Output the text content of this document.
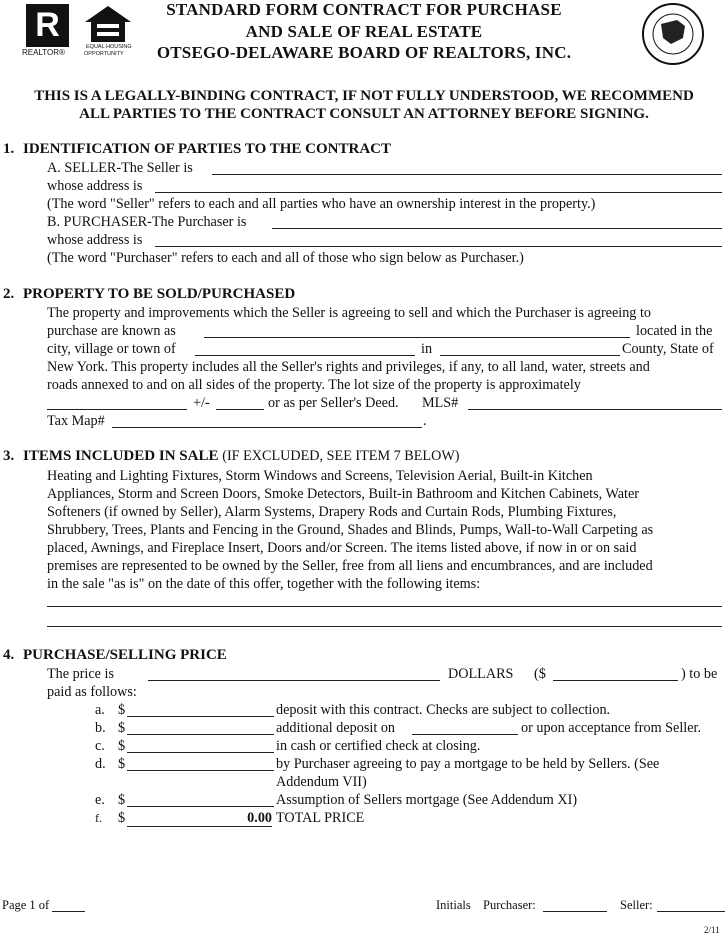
R
REALTOR®
EQUAL HOUSING
OPPORTUNITY
STANDARD FORM CONTRACT FOR PURCHASE
AND SALE OF REAL ESTATE
OTSEGO-DELAWARE BOARD OF REALTORS, INC.
THIS IS A LEGALLY-BINDING CONTRACT, IF NOT FULLY UNDERSTOOD, WE RECOMMEND
ALL PARTIES TO THE CONTRACT CONSULT AN ATTORNEY BEFORE SIGNING.
1. IDENTIFICATION OF PARTIES TO THE CONTRACT
A. SELLER-The Seller is
whose address is
(The word "Seller" refers to each and all parties who have an ownership interest in the property.)
B. PURCHASER-The Purchaser is
whose address is
(The word "Purchaser" refers to each and all of those who sign below as Purchaser.)
2. PROPERTY TO BE SOLD/PURCHASED
The property and improvements which the Seller is agreeing to sell and which the Purchaser is agreeing to
purchase are known as	located in the
city, village or town of	in	County, State of
New York. This property includes all the Seller's rights and privileges, if any, to all land, water, streets and
roads annexed to and on all sides of the property. The lot size of the property is approximately
+/-	or as per Seller's Deed. MLS#
Tax Map#	.
3. ITEMS INCLUDED IN SALE (IF EXCLUDED, SEE ITEM 7 BELOW)
Heating and Lighting Fixtures, Storm Windows and Screens, Television Aerial, Built-in Kitchen
Appliances, Storm and Screen Doors, Smoke Detectors, Built-in Bathroom and Kitchen Cabinets, Water
Softeners (if owned by Seller), Alarm Systems, Drapery Rods and Curtain Rods, Plumbing Fixtures,
Shrubbery, Trees, Plants and Fencing in the Ground, Shades and Blinds, Pumps, Wall-to-Wall Carpeting as
placed, Awnings, and Fireplace Insert, Doors and/or Screen. The items listed above, if now in or on said
premises are represented to be owned by the Seller, free from all liens and encumbrances, and are included
in the sale "as is" on the date of this offer, together with the following items:
4. PURCHASE/SELLING PRICE
The price is	DOLLARS ($	) to be
paid as follows:
a. $	deposit with this contract. Checks are subject to collection.
b. $	additional deposit on	or upon acceptance from Seller.
c. $	in cash or certified check at closing.
d. $	by Purchaser agreeing to pay a mortgage to be held by Sellers. (See
Addendum VII)
e. $	Assumption of Sellers mortgage (See Addendum XI)
f. $	0.00 TOTAL PRICE
Page 1 of	Initials Purchaser:	Seller:
2/11
